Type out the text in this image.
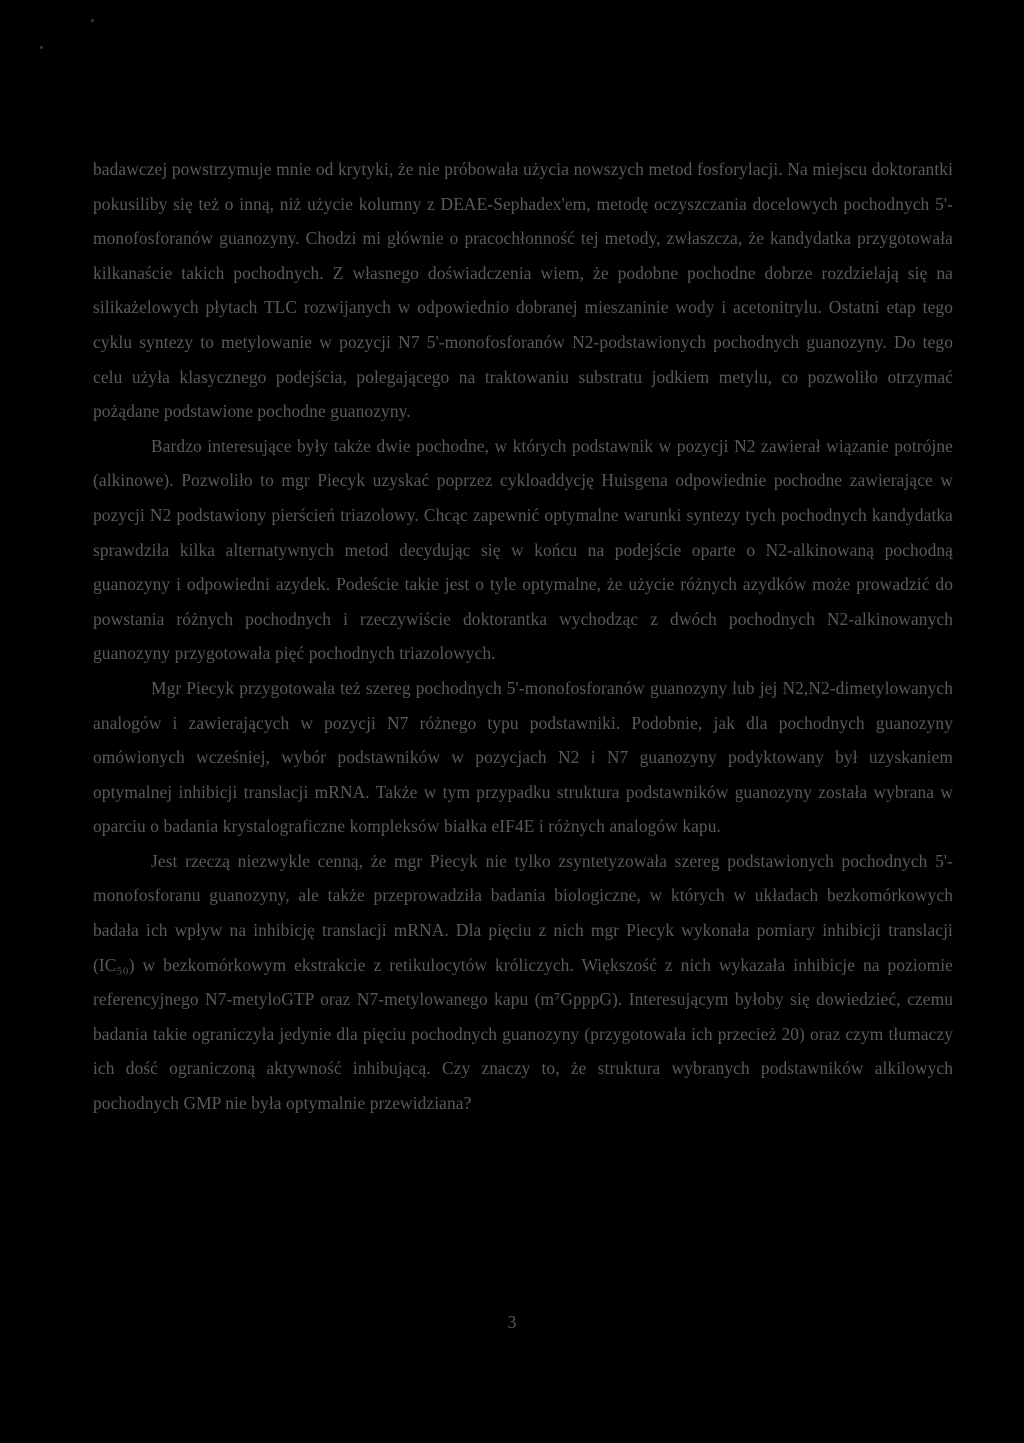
badawczej powstrzymuje mnie od krytyki, że nie próbowała użycia nowszych metod fosforylacji. Na miejscu doktorantki pokusiliby się też o inną, niż użycie kolumny z DEAE-Sephadex'em, metodę oczyszczania docelowych pochodnych 5'-monofosforanów guanozyny. Chodzi mi głównie o pracochłonność tej metody, zwłaszcza, że kandydatka przygotowała kilkanaście takich pochodnych. Z własnego doświadczenia wiem, że podobne pochodne dobrze rozdzielają się na silikażelowych płytach TLC rozwijanych w odpowiednio dobranej mieszaninie wody i acetonitrylu. Ostatni etap tego cyklu syntezy to metylowanie w pozycji N7 5'-monofosforanów N2-podstawionych pochodnych guanozyny. Do tego celu użyła klasycznego podejścia, polegającego na traktowaniu substratu jodkiem metylu, co pozwoliło otrzymać pożądane podstawione pochodne guanozyny.

Bardzo interesujące były także dwie pochodne, w których podstawnik w pozycji N2 zawierał wiązanie potrójne (alkinowe). Pozwoliło to mgr Piecyk uzyskać poprzez cykloaddycję Huisgena odpowiednie pochodne zawierające w pozycji N2 podstawiony pierścień triazolowy. Chcąc zapewnić optymalne warunki syntezy tych pochodnych kandydatka sprawdziła kilka alternatywnych metod decydując się w końcu na podejście oparte o N2-alkinowaną pochodną guanozyny i odpowiedni azydek. Podeście takie jest o tyle optymalne, że użycie różnych azydków może prowadzić do powstania różnych pochodnych i rzeczywiście doktorantka wychodząc z dwóch pochodnych N2-alkinowanych guanozyny przygotowała pięć pochodnych triazolowych.

Mgr Piecyk przygotowała też szereg pochodnych 5'-monofosforanów guanozyny lub jej N2,N2-dimetylowanych analogów i zawierających w pozycji N7 różnego typu podstawniki. Podobnie, jak dla pochodnych guanozyny omówionych wcześniej, wybór podstawników w pozycjach N2 i N7 guanozyny podyktowany był uzyskaniem optymalnej inhibicji translacji mRNA. Także w tym przypadku struktura podstawników guanozyny została wybrana w oparciu o badania krystalograficzne kompleksów białka eIF4E i różnych analogów kapu.

Jest rzeczą niezwykle cenną, że mgr Piecyk nie tylko zsyntetyzowała szereg podstawionych pochodnych 5'-monofosforanu guanozyny, ale także przeprowadziła badania biologiczne, w których w układach bezkomórkowych badała ich wpływ na inhibicję translacji mRNA. Dla pięciu z nich mgr Piecyk wykonała pomiary inhibicji translacji (IC₅₀) w bezkomórkowym ekstrakcie z retikulocytów króliczych. Większość z nich wykazała inhibicje na poziomie referencyjnego N7-metyloGTP oraz N7-metylowanego kapu (m⁷GpppG). Interesującym byłoby się dowiedzieć, czemu badania takie ograniczyła jedynie dla pięciu pochodnych guanozyny (przygotowała ich przecież 20) oraz czym tłumaczy ich dość ograniczoną aktywność inhibującą. Czy znaczy to, że struktura wybranych podstawników alkilowych pochodnych GMP nie była optymalnie przewidziana?

3
